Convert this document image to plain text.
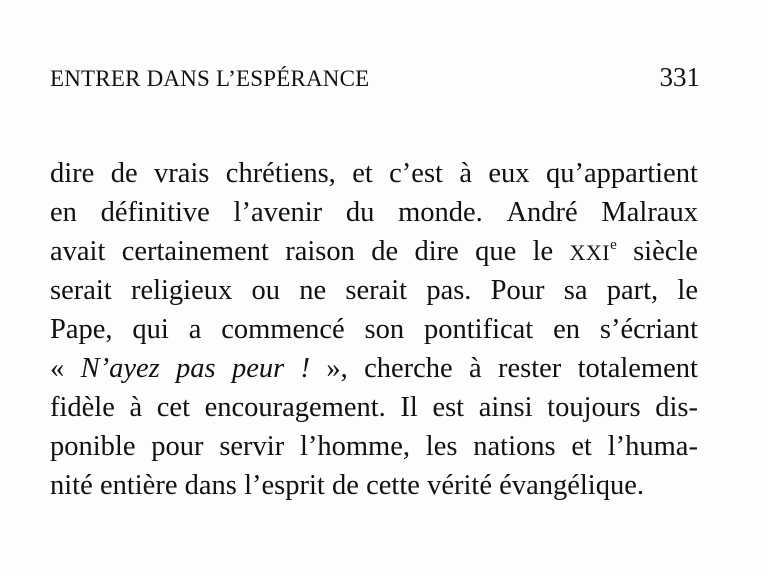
ENTRER DANS L’ESPÉRANCE	331
dire de vrais chrétiens, et c’est à eux qu’appartient
en définitive l’avenir du monde. André Malraux
avait certainement raison de dire que le XXIe siècle
serait religieux ou ne serait pas. Pour sa part, le
Pape, qui a commencé son pontificat en s’écriant
« N’ayez pas peur ! », cherche à rester totalement
fidèle à cet encouragement. Il est ainsi toujours dis-
ponible pour servir l’homme, les nations et l’huma-
nité entière dans l’esprit de cette vérité évangélique.
